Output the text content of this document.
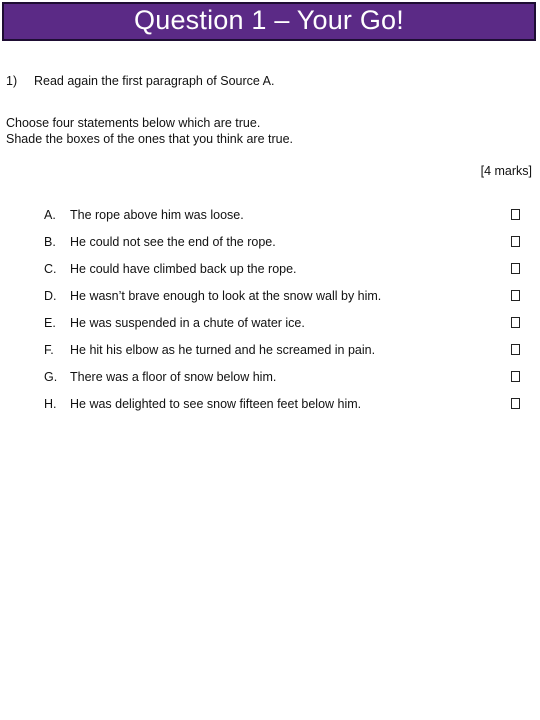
Question 1 – Your Go!
1) Read again the first paragraph of Source A.
Choose four statements below which are true.
Shade the boxes of the ones that you think are true.
[4 marks]
A. The rope above him was loose.
B. He could not see the end of the rope.
C. He could have climbed back up the rope.
D. He wasn’t brave enough to look at the snow wall by him.
E. He was suspended in a chute of water ice.
F. He hit his elbow as he turned and he screamed in pain.
G. There was a floor of snow below him.
H. He was delighted to see snow fifteen feet below him.
